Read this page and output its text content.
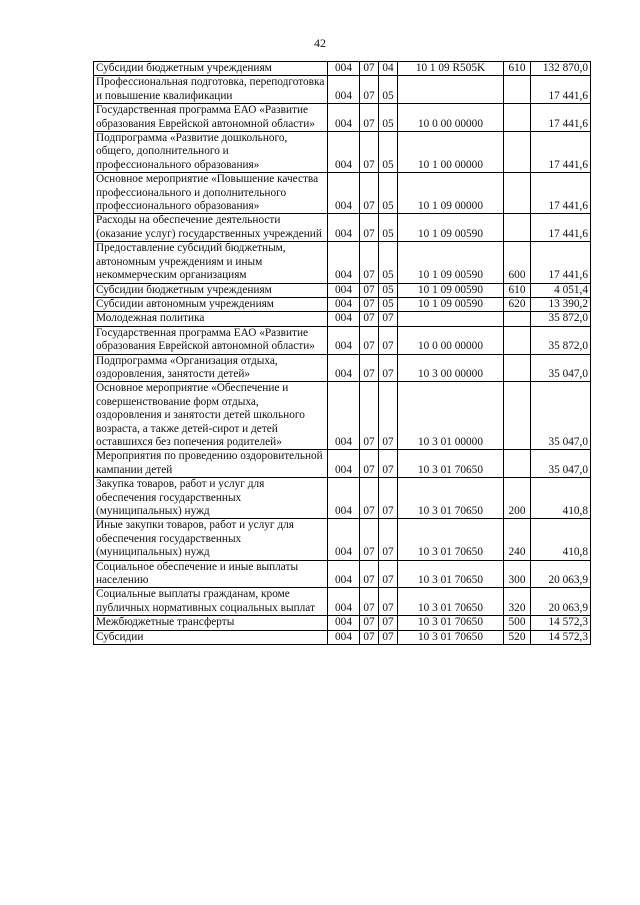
42
Субсидии бюджетным учреждениям	004	07	04	10 1 09 R505K	610	132 870,0
Профессиональная подготовка, переподготовка и повышение квалификации	004	07	05			17 441,6
Государственная программа ЕАО «Развитие образования Еврейской автономной области»	004	07	05	10 0 00 00000		17 441,6
Подпрограмма «Развитие дошкольного, общего, дополнительного и профессионального образования»	004	07	05	10 1 00 00000		17 441,6
Основное мероприятие «Повышение качества профессионального и дополнительного профессионального образования»	004	07	05	10 1 09 00000		17 441,6
Расходы на обеспечение деятельности (оказание услуг) государственных учреждений	004	07	05	10 1 09 00590		17 441,6
Предоставление субсидий бюджетным, автономным учреждениям и иным некоммерческим организациям	004	07	05	10 1 09 00590	600	17 441,6
Субсидии бюджетным учреждениям	004	07	05	10 1 09 00590	610	4 051,4
Субсидии автономным учреждениям	004	07	05	10 1 09 00590	620	13 390,2
Молодежная политика	004	07	07			35 872,0
Государственная программа ЕАО «Развитие образования Еврейской автономной области»	004	07	07	10 0 00 00000		35 872,0
Подпрограмма «Организация отдыха, оздоровления, занятости детей»	004	07	07	10 3 00 00000		35 047,0
Основное мероприятие «Обеспечение и совершенствование форм отдыха, оздоровления и занятости детей школьного возраста, а также детей-сирот и детей оставшихся без попечения родителей»	004	07	07	10 3 01 00000		35 047,0
Мероприятия по проведению оздоровительной кампании детей	004	07	07	10 3 01 70650		35 047,0
Закупка товаров, работ и услуг для обеспечения государственных (муниципальных) нужд	004	07	07	10 3 01 70650	200	410,8
Иные закупки товаров, работ и услуг для обеспечения государственных (муниципальных) нужд	004	07	07	10 3 01 70650	240	410,8
Социальное обеспечение и иные выплаты населению	004	07	07	10 3 01 70650	300	20 063,9
Социальные выплаты гражданам, кроме публичных нормативных социальных выплат	004	07	07	10 3 01 70650	320	20 063,9
Межбюджетные трансферты	004	07	07	10 3 01 70650	500	14 572,3
Субсидии	004	07	07	10 3 01 70650	520	14 572,3
